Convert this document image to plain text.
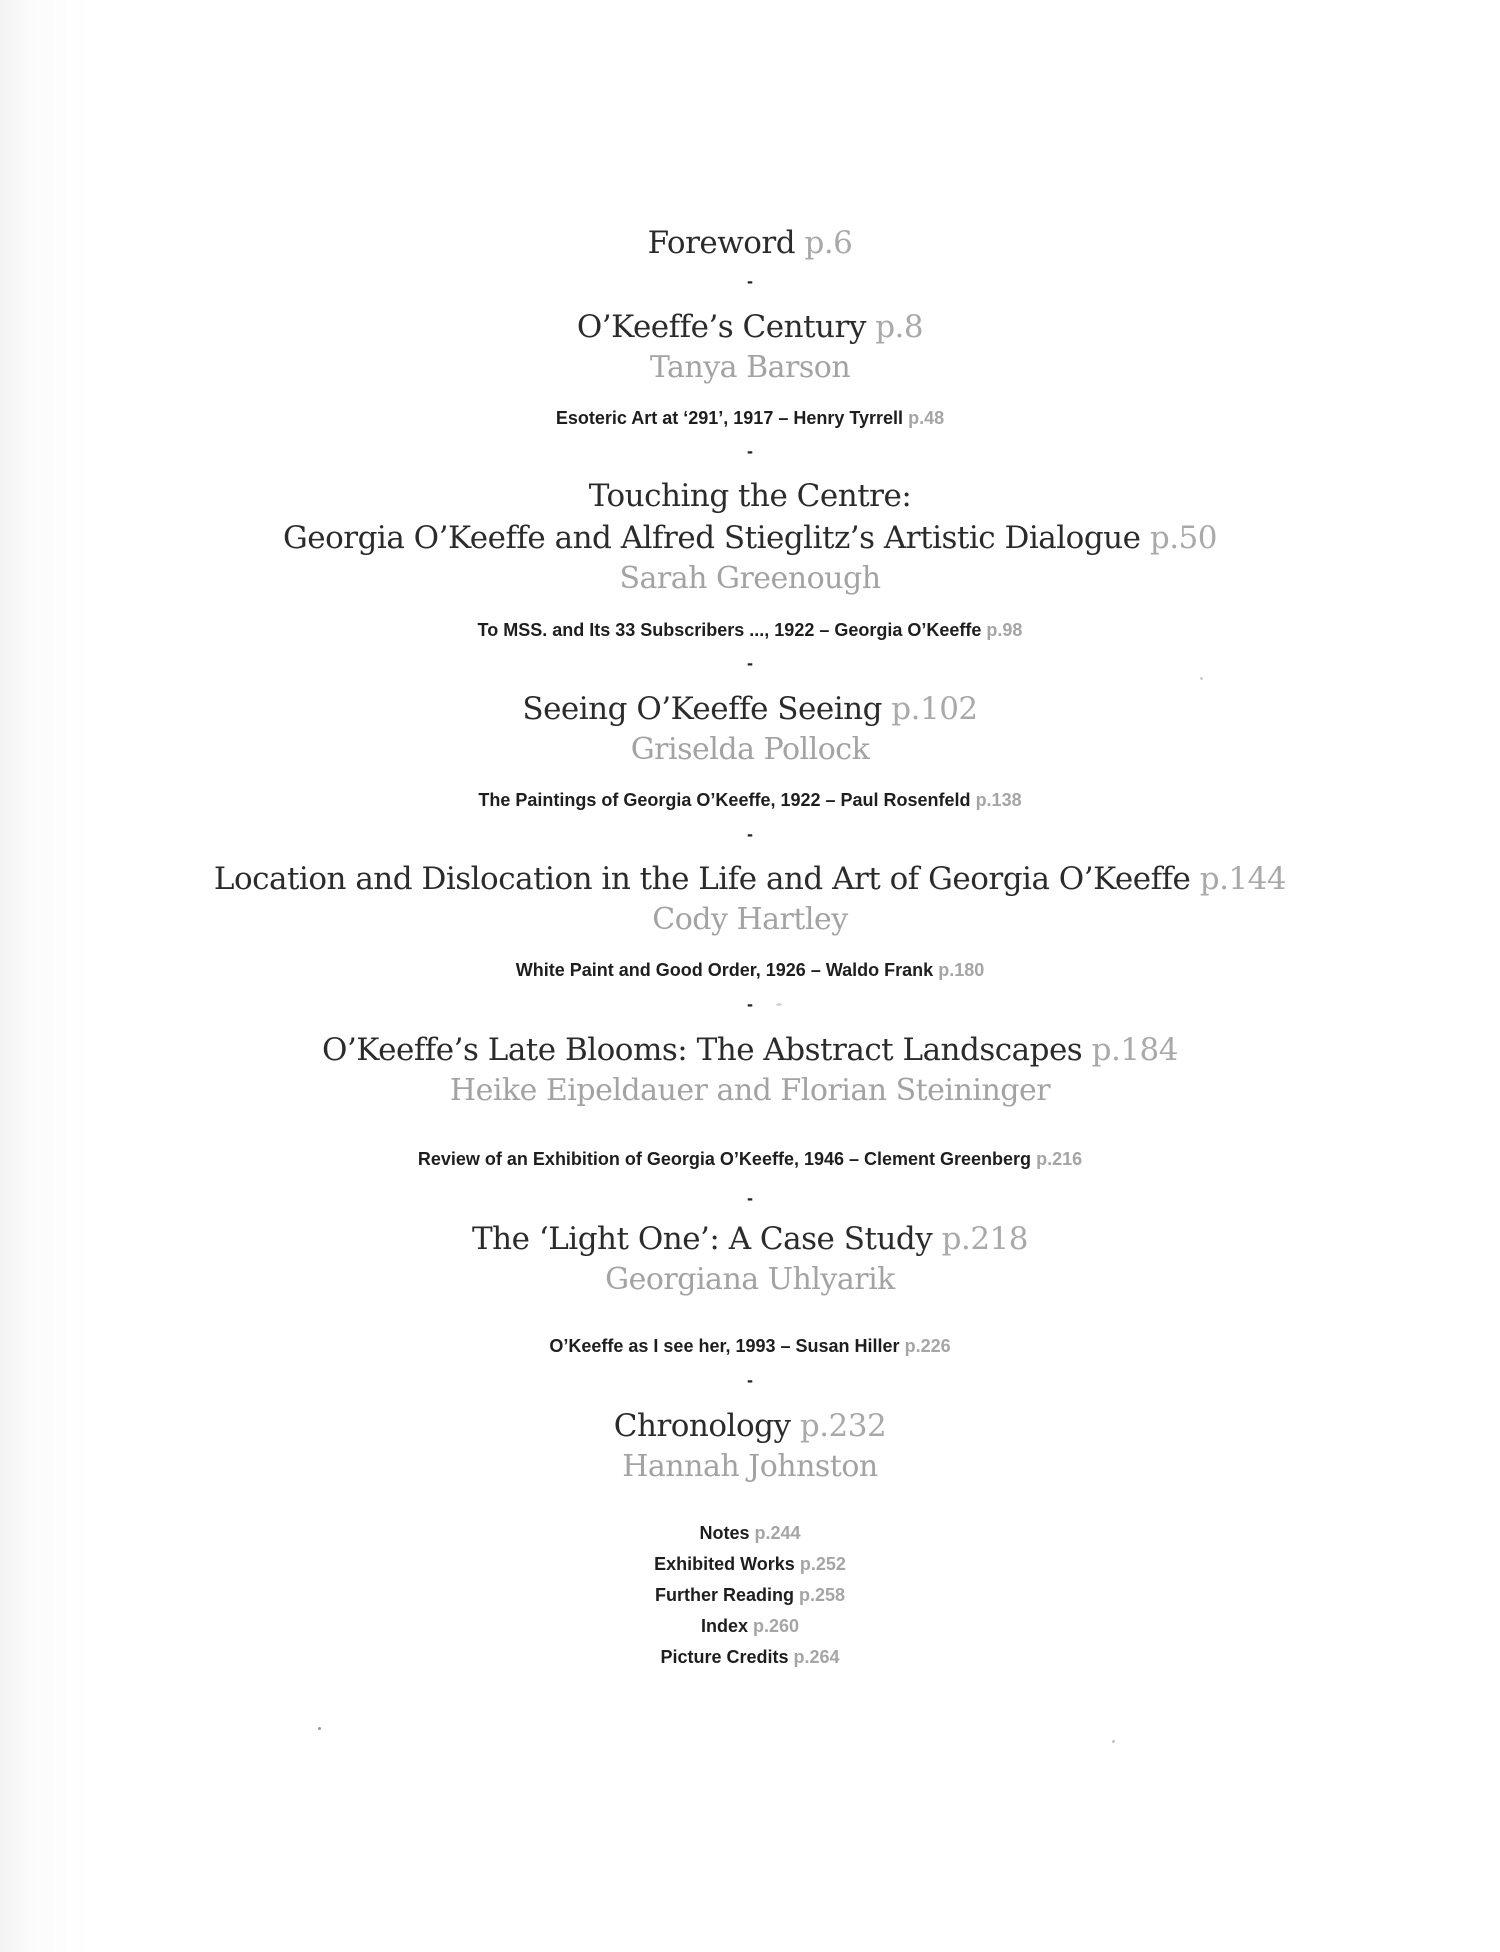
Foreword p.6

-

O’Keeffe’s Century p.8

Tanya Barson

Esoteric Art at ‘291’, 1917 – Henry Tyrrell p.48

-

Touching the Centre:

Georgia O’Keeffe and Alfred Stieglitz’s Artistic Dialogue p.50

Sarah Greenough

To MSS. and Its 33 Subscribers ..., 1922 – Georgia O’Keeffe p.98

-

Seeing O’Keeffe Seeing p.102

Griselda Pollock

The Paintings of Georgia O’Keeffe, 1922 – Paul Rosenfeld p.138

-

Location and Dislocation in the Life and Art of Georgia O’Keeffe p.144

Cody Hartley

White Paint and Good Order, 1926 – Waldo Frank p.180

-

O’Keeffe’s Late Blooms: The Abstract Landscapes p.184

Heike Eipeldauer and Florian Steininger

Review of an Exhibition of Georgia O’Keeffe, 1946 – Clement Greenberg p.216

-

The ‘Light One’: A Case Study p.218

Georgiana Uhlyarik

O’Keeffe as I see her, 1993 – Susan Hiller p.226

-

Chronology p.232

Hannah Johnston

Notes p.244

Exhibited Works p.252

Further Reading p.258

Index p.260

Picture Credits p.264
